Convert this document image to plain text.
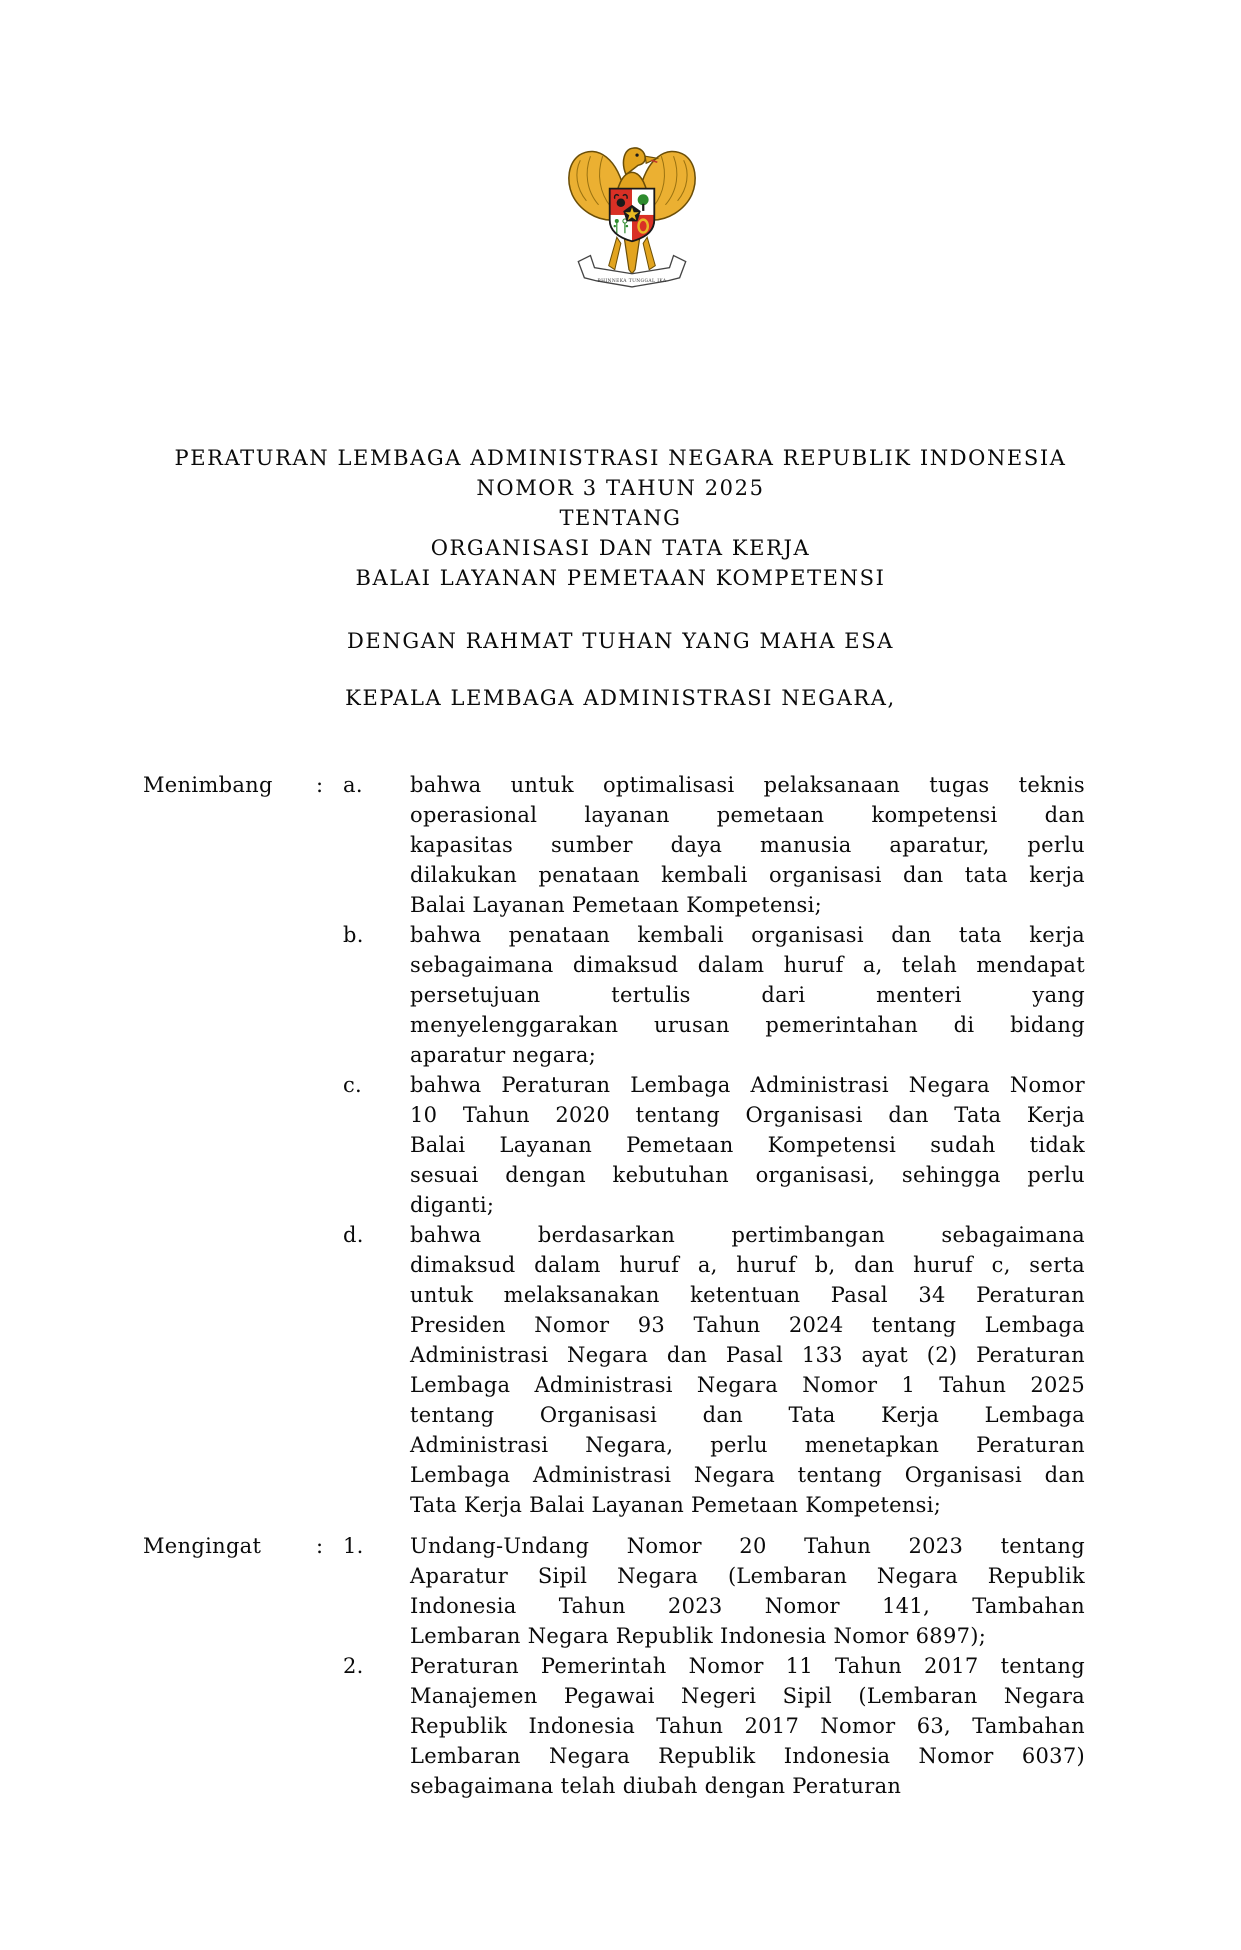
BHINNEKA TUNGGAL IKA
PERATURAN LEMBAGA ADMINISTRASI NEGARA REPUBLIK INDONESIA
NOMOR 3 TAHUN 2025
TENTANG
ORGANISASI DAN TATA KERJA
BALAI LAYANAN PEMETAAN KOMPETENSI
DENGAN RAHMAT TUHAN YANG MAHA ESA
KEPALA LEMBAGA ADMINISTRASI NEGARA,
Menimbang	: a.	bahwa untuk optimalisasi pelaksanaan tugas teknis
operasional layanan pemetaan kompetensi dan
kapasitas sumber daya manusia aparatur, perlu
dilakukan penataan kembali organisasi dan tata kerja
Balai Layanan Pemetaan Kompetensi;
b.	bahwa penataan kembali organisasi dan tata kerja
sebagaimana dimaksud dalam huruf a, telah mendapat
persetujuan tertulis dari menteri yang
menyelenggarakan urusan pemerintahan di bidang
aparatur negara;
c.	bahwa Peraturan Lembaga Administrasi Negara Nomor
10 Tahun 2020 tentang Organisasi dan Tata Kerja
Balai Layanan Pemetaan Kompetensi sudah tidak
sesuai dengan kebutuhan organisasi, sehingga perlu
diganti;
d.	bahwa berdasarkan pertimbangan sebagaimana
dimaksud dalam huruf a, huruf b, dan huruf c, serta
untuk melaksanakan ketentuan Pasal 34 Peraturan
Presiden Nomor 93 Tahun 2024 tentang Lembaga
Administrasi Negara dan Pasal 133 ayat (2) Peraturan
Lembaga Administrasi Negara Nomor 1 Tahun 2025
tentang Organisasi dan Tata Kerja Lembaga
Administrasi Negara, perlu menetapkan Peraturan
Lembaga Administrasi Negara tentang Organisasi dan
Tata Kerja Balai Layanan Pemetaan Kompetensi;
Mengingat	: 1.	Undang-Undang Nomor 20 Tahun 2023 tentang
Aparatur Sipil Negara (Lembaran Negara Republik
Indonesia Tahun 2023 Nomor 141, Tambahan
Lembaran Negara Republik Indonesia Nomor 6897);
2.	Peraturan Pemerintah Nomor 11 Tahun 2017 tentang
Manajemen Pegawai Negeri Sipil (Lembaran Negara
Republik Indonesia Tahun 2017 Nomor 63, Tambahan
Lembaran Negara Republik Indonesia Nomor 6037)
sebagaimana telah diubah dengan Peraturan
